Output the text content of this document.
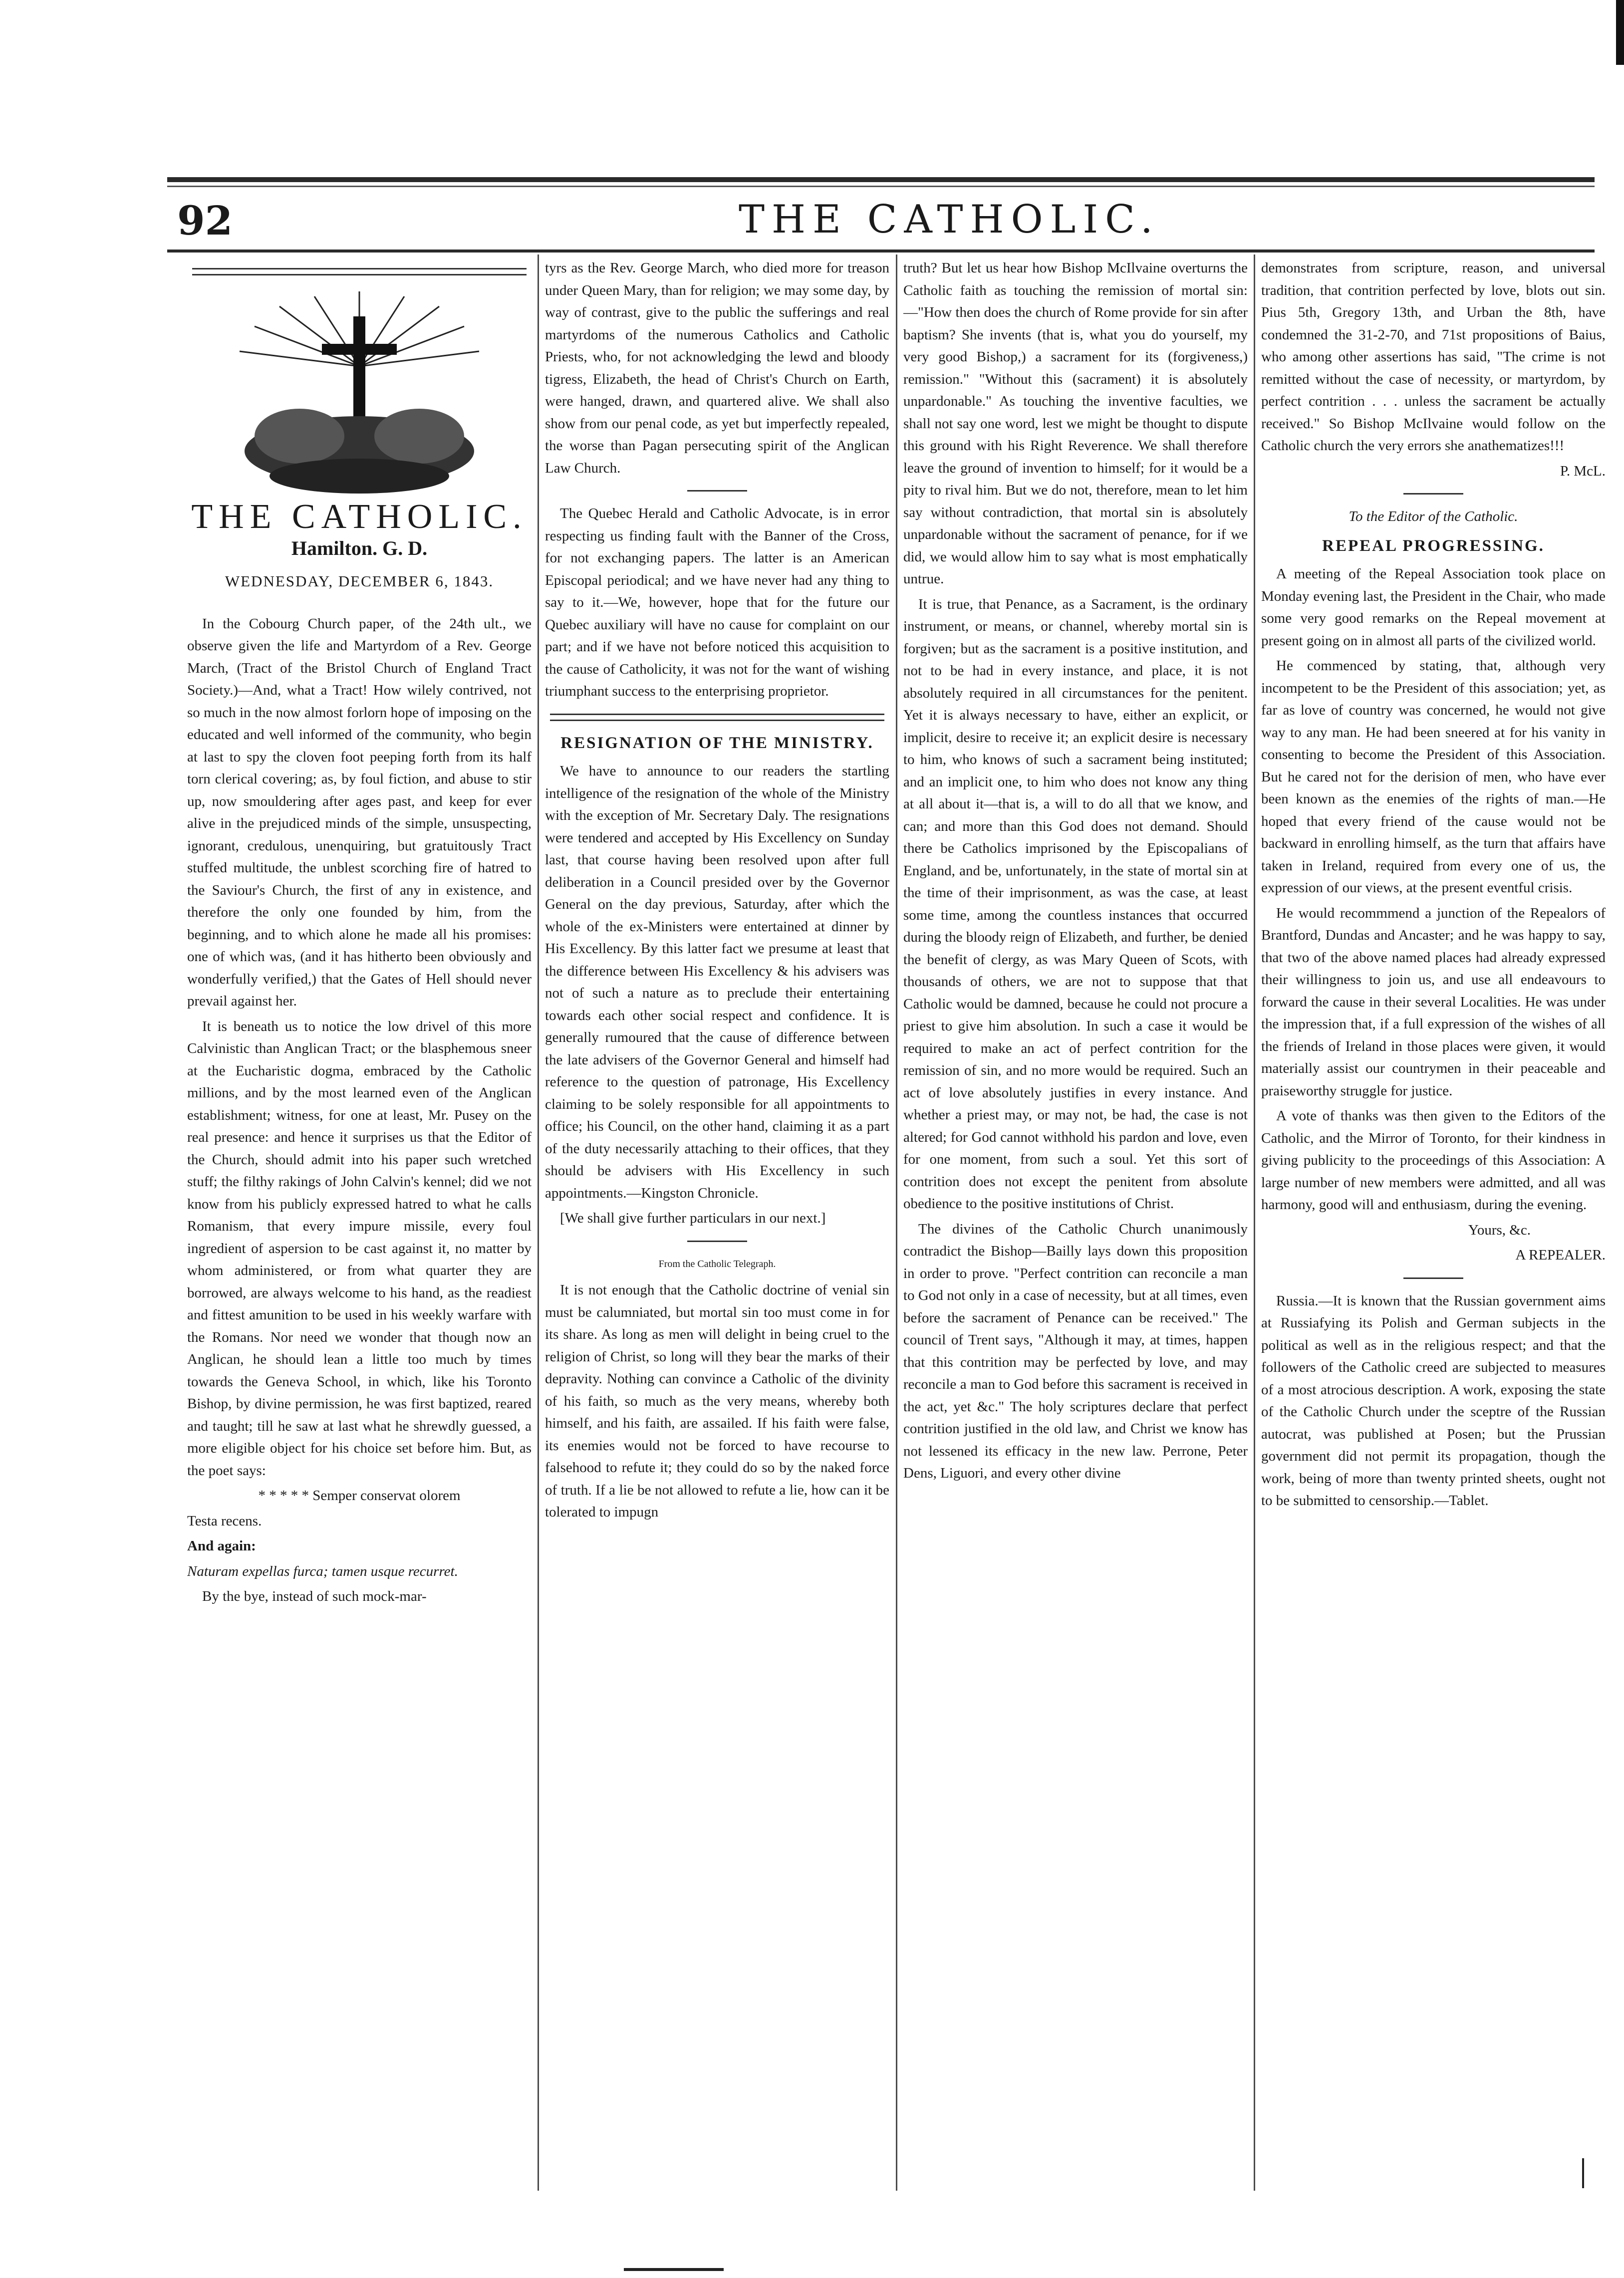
92	THE CATHOLIC.
THE CATHOLIC.
Hamilton. G. D.
WEDNESDAY, DECEMBER 6, 1843.

In the Cobourg Church paper, of the 24th ult., we observe given the life and Martyrdom of a Rev. George March, (Tract of the Bristol Church of England Tract Society.)—And, what a Tract! How wilely contrived, not so much in the now almost forlorn hope of imposing on the educated and well informed of the community, who begin at last to spy the cloven foot peeping forth from its half torn clerical covering; as, by foul fiction, and abuse to stir up, now smouldering after ages past, and keep for ever alive in the prejudiced minds of the simple, unsuspecting, ignorant, credulous, unenquiring, but gratuitously Tract stuffed multitude, the unblest scorching fire of hatred to the Saviour's Church, the first of any in existence, and therefore the only one founded by him, from the beginning, and to which alone he made all his promises: one of which was, (and it has hitherto been obviously and wonderfully verified,) that the Gates of Hell should never prevail against her.

It is beneath us to notice the low drivel of this more Calvinistic than Anglican Tract; or the blasphemous sneer at the Eucharistic dogma, embraced by the Catholic millions, and by the most learned even of the Anglican establishment; witness, for one at least, Mr. Pusey on the real presence: and hence it surprises us that the Editor of the Church, should admit into his paper such wretched stuff; the filthy rakings of John Calvin's kennel; did we not know from his publicly expressed hatred to what he calls Romanism, that every impure missile, every foul ingredient of aspersion to be cast against it, no matter by whom administered, or from what quarter they are borrowed, are always welcome to his hand, as the readiest and fittest amunition to be used in his weekly warfare with the Romans. Nor need we wonder that though now an Anglican, he should lean a little too much by times towards the Geneva School, in which, like his Toronto Bishop, by divine permission, he was first baptized, reared and taught; till he saw at last what he shrewdly guessed, a more eligible object for his choice set before him. But, as the poet says:

* * * * * Semper conservat olorem

Testa recens.

And again:

Naturam expellas furca; tamen usque recurret.

By the bye, instead of such mock-mar-

tyrs as the Rev. George March, who died more for treason under Queen Mary, than for religion; we may some day, by way of contrast, give to the public the sufferings and real martyrdoms of the numerous Catholics and Catholic Priests, who, for not acknowledging the lewd and bloody tigress, Elizabeth, the head of Christ's Church on Earth, were hanged, drawn, and quartered alive. We shall also show from our penal code, as yet but imperfectly repealed, the worse than Pagan persecuting spirit of the Anglican Law Church.

The Quebec Herald and Catholic Advocate, is in error respecting us finding fault with the Banner of the Cross, for not exchanging papers. The latter is an American Episcopal periodical; and we have never had any thing to say to it.—We, however, hope that for the future our Quebec auxiliary will have no cause for complaint on our part; and if we have not before noticed this acquisition to the cause of Catholicity, it was not for the want of wishing triumphant success to the enterprising proprietor.

RESIGNATION OF THE MINISTRY.

We have to announce to our readers the startling intelligence of the resignation of the whole of the Ministry with the exception of Mr. Secretary Daly. The resignations were tendered and accepted by His Excellency on Sunday last, that course having been resolved upon after full deliberation in a Council presided over by the Governor General on the day previous, Saturday, after which the whole of the ex-Ministers were entertained at dinner by His Excellency. By this latter fact we presume at least that the difference between His Excellency & his advisers was not of such a nature as to preclude their entertaining towards each other social respect and confidence. It is generally rumoured that the cause of difference between the late advisers of the Governor General and himself had reference to the question of patronage, His Excellency claiming to be solely responsible for all appointments to office; his Council, on the other hand, claiming it as a part of the duty necessarily attaching to their offices, that they should be advisers with His Excellency in such appointments.—Kingston Chronicle.

[We shall give further particulars in our next.]

From the Catholic Telegraph.

It is not enough that the Catholic doctrine of venial sin must be calumniated, but mortal sin too must come in for its share. As long as men will delight in being cruel to the religion of Christ, so long will they bear the marks of their depravity. Nothing can convince a Catholic of the divinity of his faith, so much as the very means, whereby both himself, and his faith, are assailed. If his faith were false, its enemies would not be forced to have recourse to falsehood to refute it; they could do so by the naked force of truth. If a lie be not allowed to refute a lie, how can it be tolerated to impugn

truth? But let us hear how Bishop McIlvaine overturns the Catholic faith as touching the remission of mortal sin:—"How then does the church of Rome provide for sin after baptism? She invents (that is, what you do yourself, my very good Bishop,) a sacrament for its (forgiveness,) remission." "Without this (sacrament) it is absolutely unpardonable." As touching the inventive faculties, we shall not say one word, lest we might be thought to dispute this ground with his Right Reverence. We shall therefore leave the ground of invention to himself; for it would be a pity to rival him. But we do not, therefore, mean to let him say without contradiction, that mortal sin is absolutely unpardonable without the sacrament of penance, for if we did, we would allow him to say what is most emphatically untrue.

It is true, that Penance, as a Sacrament, is the ordinary instrument, or means, or channel, whereby mortal sin is forgiven; but as the sacrament is a positive institution, and not to be had in every instance, and place, it is not absolutely required in all circumstances for the penitent. Yet it is always necessary to have, either an explicit, or implicit, desire to receive it; an explicit desire is necessary to him, who knows of such a sacrament being instituted; and an implicit one, to him who does not know any thing at all about it—that is, a will to do all that we know, and can; and more than this God does not demand. Should there be Catholics imprisoned by the Episcopalians of England, and be, unfortunately, in the state of mortal sin at the time of their imprisonment, as was the case, at least some time, among the countless instances that occurred during the bloody reign of Elizabeth, and further, be denied the benefit of clergy, as was Mary Queen of Scots, with thousands of others, we are not to suppose that that Catholic would be damned, because he could not procure a priest to give him absolution. In such a case it would be required to make an act of perfect contrition for the remission of sin, and no more would be required. Such an act of love absolutely justifies in every instance. And whether a priest may, or may not, be had, the case is not altered; for God cannot withhold his pardon and love, even for one moment, from such a soul. Yet this sort of contrition does not except the penitent from absolute obedience to the positive institutions of Christ.

The divines of the Catholic Church unanimously contradict the Bishop—Bailly lays down this proposition in order to prove. "Perfect contrition can reconcile a man to God not only in a case of necessity, but at all times, even before the sacrament of Penance can be received." The council of Trent says, "Although it may, at times, happen that this contrition may be perfected by love, and may reconcile a man to God before this sacrament is received in the act, yet &c." The holy scriptures declare that perfect contrition justified in the old law, and Christ we know has not lessened its efficacy in the new law. Perrone, Peter Dens, Liguori, and every other divine

demonstrates from scripture, reason, and universal tradition, that contrition perfected by love, blots out sin. Pius 5th, Gregory 13th, and Urban the 8th, have condemned the 31-2-70, and 71st propositions of Baius, who among other assertions has said, "The crime is not remitted without the case of necessity, or martyrdom, by perfect contrition . . . unless the sacrament be actually received." So Bishop McIlvaine would follow on the Catholic church the very errors she anathematizes!!!

P. McL.

To the Editor of the Catholic.

REPEAL PROGRESSING.

A meeting of the Repeal Association took place on Monday evening last, the President in the Chair, who made some very good remarks on the Repeal movement at present going on in almost all parts of the civilized world.

He commenced by stating, that, although very incompetent to be the President of this association; yet, as far as love of country was concerned, he would not give way to any man. He had been sneered at for his vanity in consenting to become the President of this Association. But he cared not for the derision of men, who have ever been known as the enemies of the rights of man.—He hoped that every friend of the cause would not be backward in enrolling himself, as the turn that affairs have taken in Ireland, required from every one of us, the expression of our views, at the present eventful crisis.

He would recommmend a junction of the Repealors of Brantford, Dundas and Ancaster; and he was happy to say, that two of the above named places had already expressed their willingness to join us, and use all endeavours to forward the cause in their several Localities. He was under the impression that, if a full expression of the wishes of all the friends of Ireland in those places were given, it would materially assist our countrymen in their peaceable and praiseworthy struggle for justice.

A vote of thanks was then given to the Editors of the Catholic, and the Mirror of Toronto, for their kindness in giving publicity to the proceedings of this Association: A large number of new members were admitted, and all was harmony, good will and enthusiasm, during the evening.

Yours, &c.

A REPEALER.

Russia.—It is known that the Russian government aims at Russiafying its Polish and German subjects in the political as well as in the religious respect; and that the followers of the Catholic creed are subjected to measures of a most atrocious description. A work, exposing the state of the Catholic Church under the sceptre of the Russian autocrat, was published at Posen; but the Prussian government did not permit its propagation, though the work, being of more than twenty printed sheets, ought not to be submitted to censorship.—Tablet.
